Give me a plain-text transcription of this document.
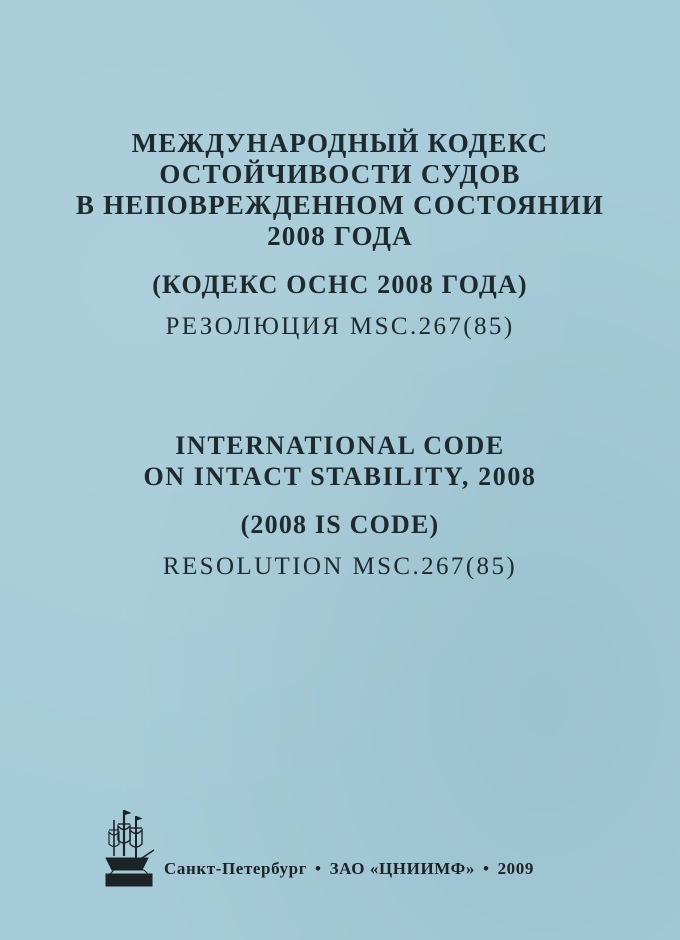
МЕЖДУНАРОДНЫЙ КОДЕКС
ОСТОЙЧИВОСТИ СУДОВ
В НЕПОВРЕЖДЕННОМ СОСТОЯНИИ
2008 ГОДА
(КОДЕКС ОСНС 2008 ГОДА)
РЕЗОЛЮЦИЯ MSC.267(85)
INTERNATIONAL CODE
ON INTACT STABILITY, 2008
(2008 IS CODE)
RESOLUTION MSC.267(85)
Санкт-Петербург • ЗАО «ЦНИИМФ» • 2009
